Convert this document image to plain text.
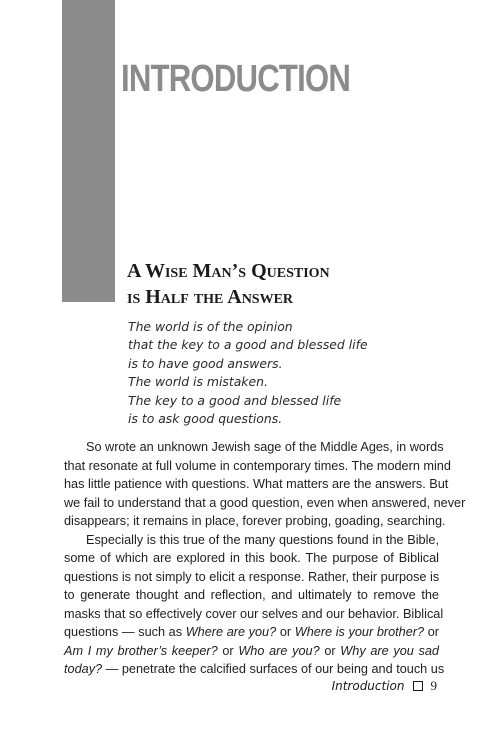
INTRODUCTION
A Wise Man’s Question
is Half the Answer
The world is of the opinion
that the key to a good and blessed life
is to have good answers.
The world is mistaken.
The key to a good and blessed life
is to ask good questions.
So wrote an unknown Jewish sage of the Middle Ages, in words
that resonate at full volume in contemporary times. The modern mind
has little patience with questions. What matters are the answers. But
we fail to understand that a good question, even when answered, never
disappears; it remains in place, forever probing, goading, searching.
Especially is this true of the many questions found in the Bible,
some of which are explored in this book. The purpose of Biblical
questions is not simply to elicit a response. Rather, their purpose is
to generate thought and reflection, and ultimately to remove the
masks that so effectively cover our selves and our behavior. Biblical
questions — such as Where are you? or Where is your brother? or
Am I my brother’s keeper? or Who are you? or Why are you sad
today? — penetrate the calcified surfaces of our being and touch us
Introduction 9
